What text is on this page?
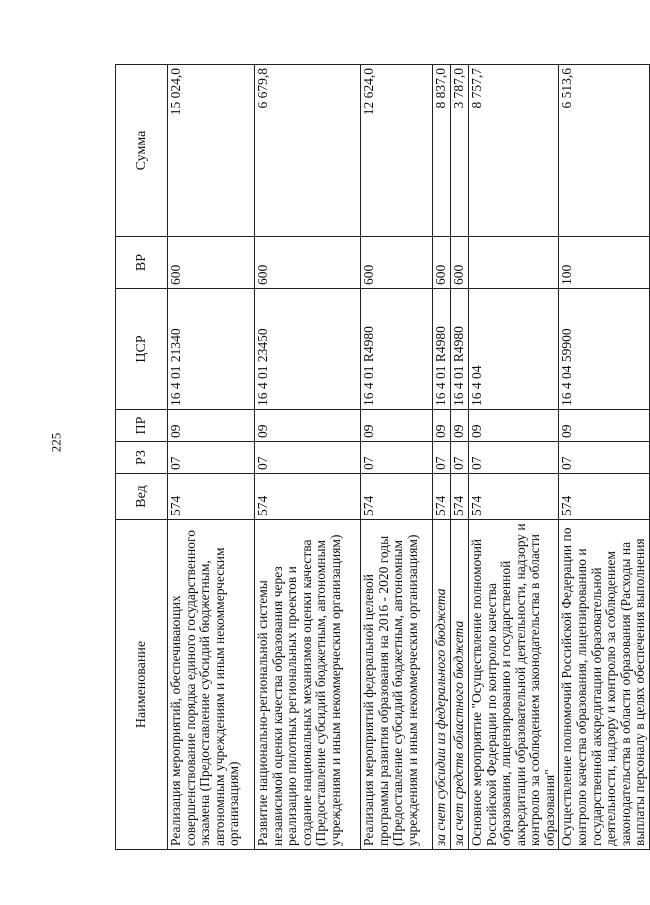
225
Наименование	Вед	РЗ	ПР	ЦСР	ВР	Сумма
Реализация мероприятий, обеспечивающих совершенствование порядка единого государственного экзамена (Предоставление субсидий бюджетным, автономным учреждениям и иным некоммерческим организациям)	574	07	09	16 4 01 21340	600	15 024,0
Развитие национально-региональной системы независимой оценки качества образования через реализацию пилотных региональных проектов и создание национальных механизмов оценки качества (Предоставление субсидий бюджетным, автономным учреждениям и иным некоммерческим организациям)	574	07	09	16 4 01 23450	600	6 679,8
Реализация мероприятий федеральной целевой программы развития образования на 2016 - 2020 годы (Предоставление субсидий бюджетным, автономным учреждениям и иным некоммерческим организациям)	574	07	09	16 4 01 R4980	600	12 624,0
за счет субсидии из федерального бюджета	574	07	09	16 4 01 R4980	600	8 837,0
за счет средств областного бюджета	574	07	09	16 4 01 R4980	600	3 787,0
Основное мероприятие "Осуществление полномочий Российской Федерации по контролю качества образования, лицензированию и государственной аккредитации образовательной деятельности, надзору и контролю за соблюдением законодательства в области образования"	574	07	09	16 4 04		8 757,7
Осуществление полномочий Российской Федерации по контролю качества образования, лицензированию и государственной аккредитации образовательной деятельности, надзору и контролю за соблюдением законодательства в области образования (Расходы на выплаты персоналу в целях обеспечения выполнения	574	07	09	16 4 04 59900	100	6 513,6
